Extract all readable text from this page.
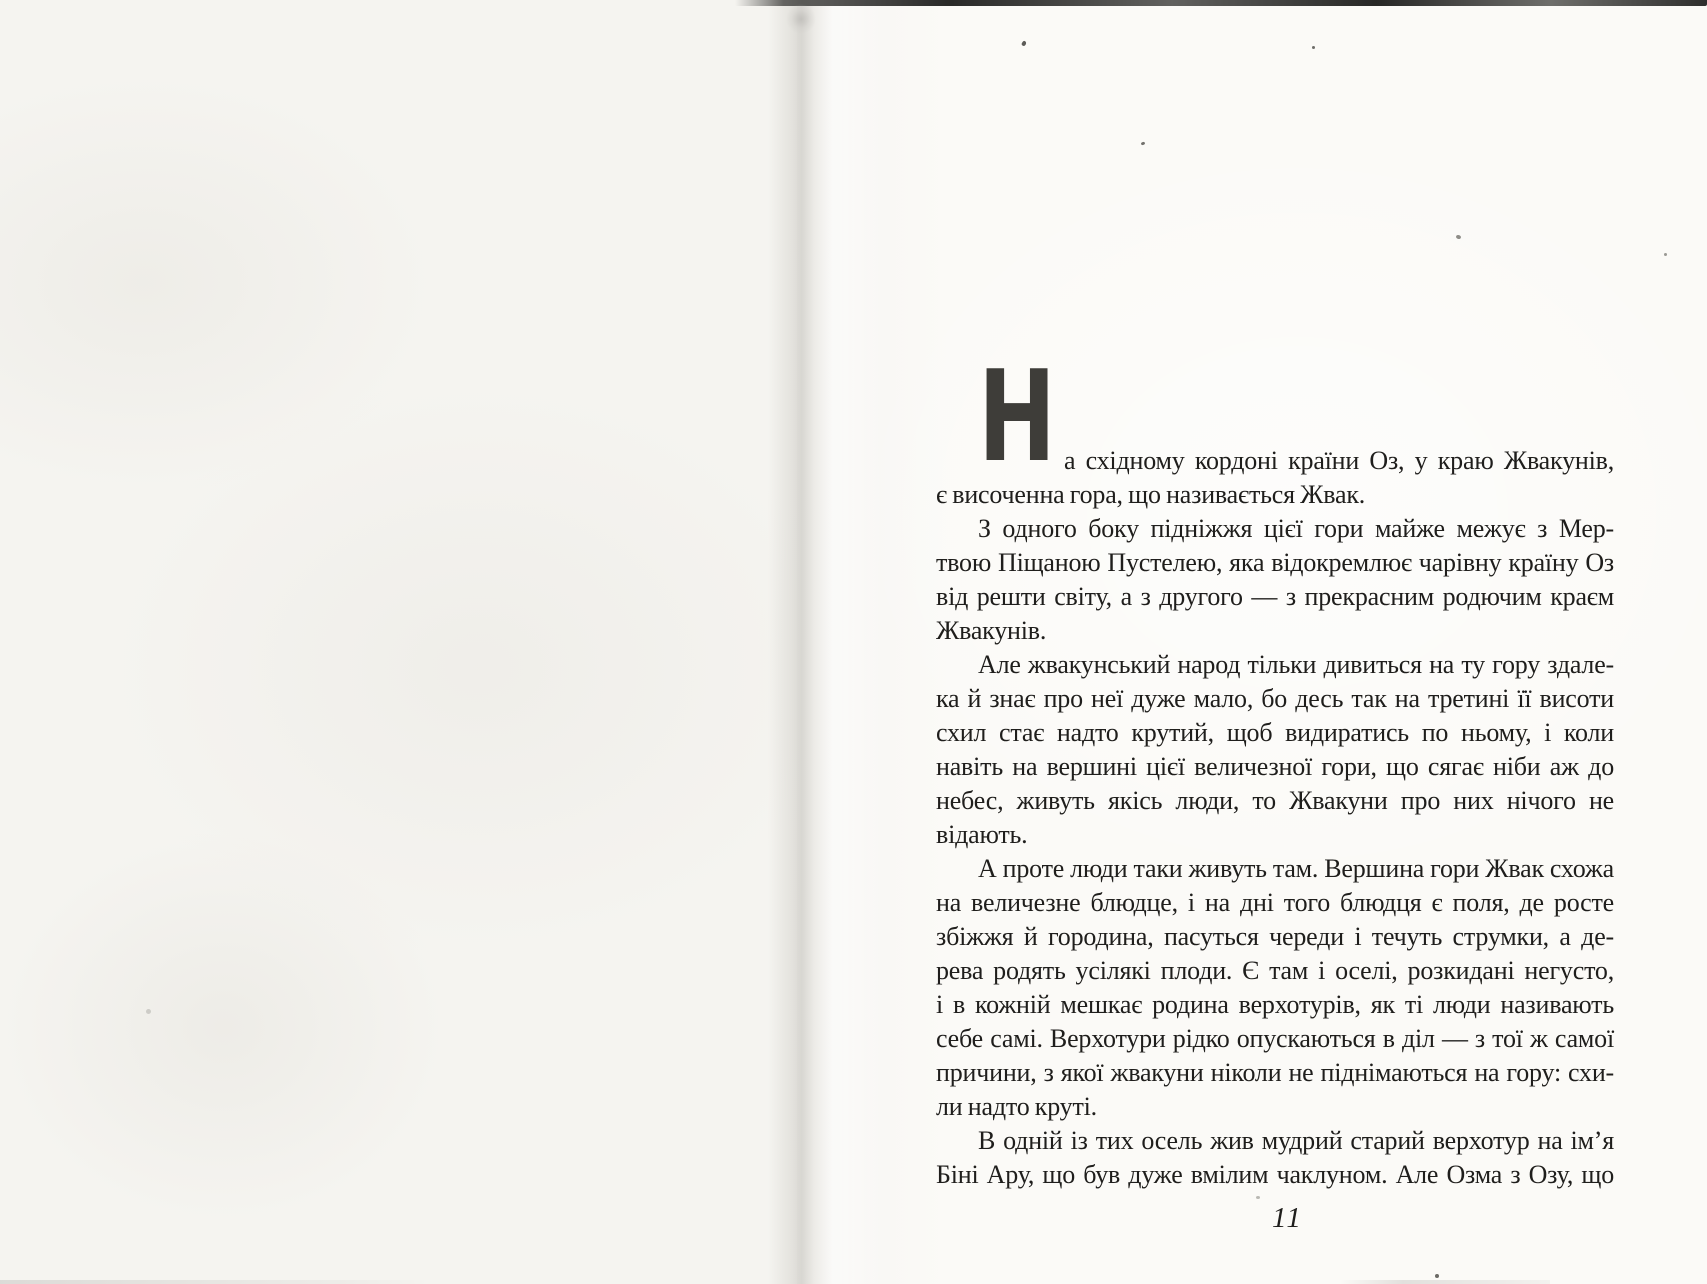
Н а східному кордоні країни Оз, у краю Жвакунів,
є височенна гора, що називається Жвак.
З одного боку підніжжя цієї гори майже межує з Мер-
твою Піщаною Пустелею, яка відокремлює чарівну країну Оз
від решти світу, а з другого — з прекрасним родючим краєм
Жвакунів.
Але жвакунський народ тільки дивиться на ту гору здале-
ка й знає про неї дуже мало, бо десь так на третині її висоти
схил стає надто крутий, щоб видиратись по ньому, і коли
навіть на вершині цієї величезної гори, що сягає ніби аж до
небес, живуть якісь люди, то Жвакуни про них нічого не
відають.
А проте люди таки живуть там. Вершина гори Жвак схожа
на величезне блюдце, і на дні того блюдця є поля, де росте
збіжжя й городина, пасуться череди і течуть струмки, а де-
рева родять усілякі плоди. Є там і оселі, розкидані негусто,
і в кожній мешкає родина верхотурів, як ті люди називають
себе самі. Верхотури рідко опускаються в діл — з тої ж самої
причини, з якої жвакуни ніколи не піднімаються на гору: схи-
ли надто круті.
В одній із тих осель жив мудрий старий верхотур на ім’я
Біні Ару, що був дуже вмілим чаклуном. Але Озма з Озу, що
11
